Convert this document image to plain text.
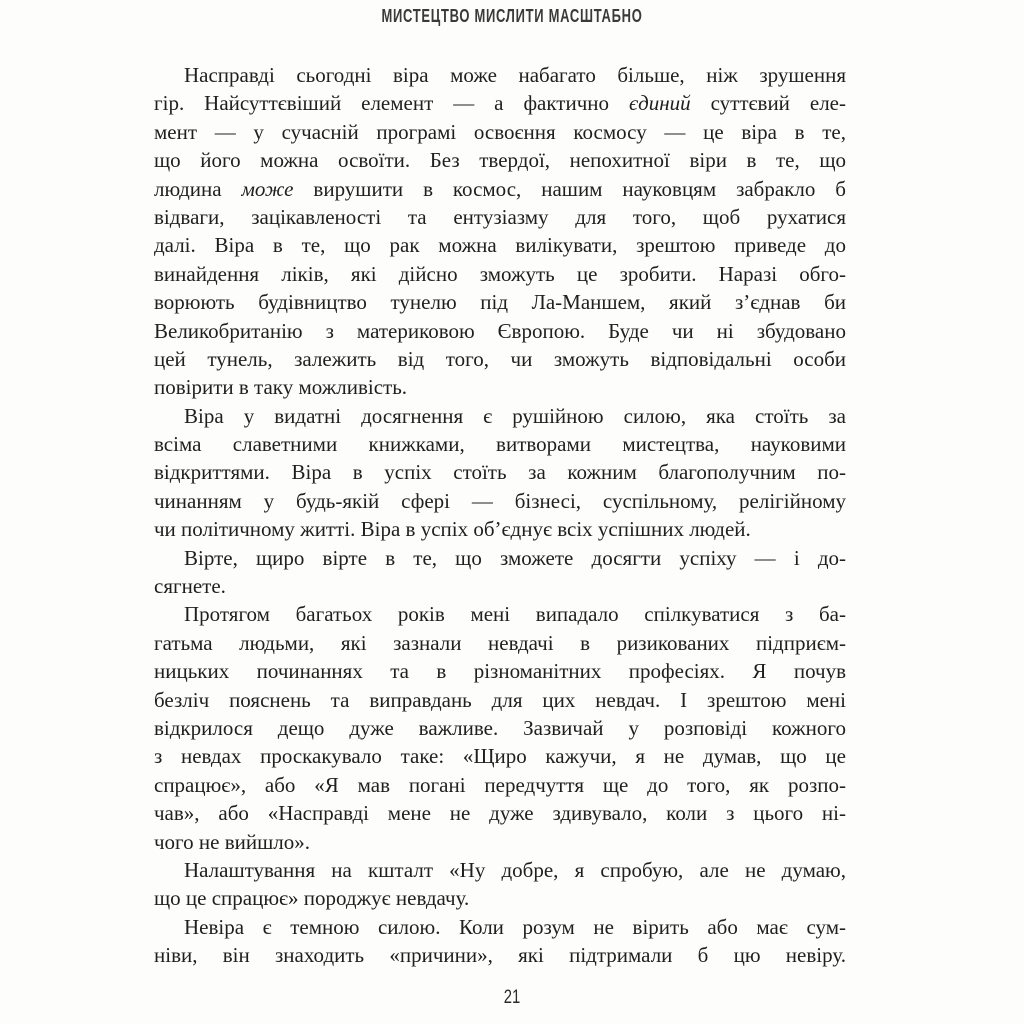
МИСТЕЦТВО МИСЛИТИ МАСШТАБНО
Насправді сьогодні віра може набагато більше, ніж зрушення
гір. Найсуттєвіший елемент — а фактично єдиний суттєвий еле-
мент — у сучасній програмі освоєння космосу — це віра в те,
що його можна освоїти. Без твердої, непохитної віри в те, що
людина може вирушити в космос, нашим науковцям забракло б
відваги, зацікавленості та ентузіазму для того, щоб рухатися
далі. Віра в те, що рак можна вилікувати, зрештою приведе до
винайдення ліків, які дійсно зможуть це зробити. Наразі обго-
ворюють будівництво тунелю під Ла-Маншем, який з’єднав би
Великобританію з материковою Європою. Буде чи ні збудовано
цей тунель, залежить від того, чи зможуть відповідальні особи
повірити в таку можливість.
Віра у видатні досягнення є рушійною силою, яка стоїть за
всіма славетними книжками, витворами мистецтва, науковими
відкриттями. Віра в успіх стоїть за кожним благополучним по-
чинанням у будь-якій сфері — бізнесі, суспільному, релігійному
чи політичному житті. Віра в успіх об’єднує всіх успішних людей.
Вірте, щиро вірте в те, що зможете досягти успіху — і до-
сягнете.
Протягом багатьох років мені випадало спілкуватися з ба-
гатьма людьми, які зазнали невдачі в ризикованих підприєм-
ницьких починаннях та в різноманітних професіях. Я почув
безліч пояснень та виправдань для цих невдач. І зрештою мені
відкрилося дещо дуже важливе. Зазвичай у розповіді кожного
з невдах проскакувало таке: «Щиро кажучи, я не думав, що це
спрацює», або «Я мав погані передчуття ще до того, як розпо-
чав», або «Насправді мене не дуже здивувало, коли з цього ні-
чого не вийшло».
Налаштування на кшталт «Ну добре, я спробую, але не думаю,
що це спрацює» породжує невдачу.
Невіра є темною силою. Коли розум не вірить або має сум-
ніви, він знаходить «причини», які підтримали б цю невіру.
21
